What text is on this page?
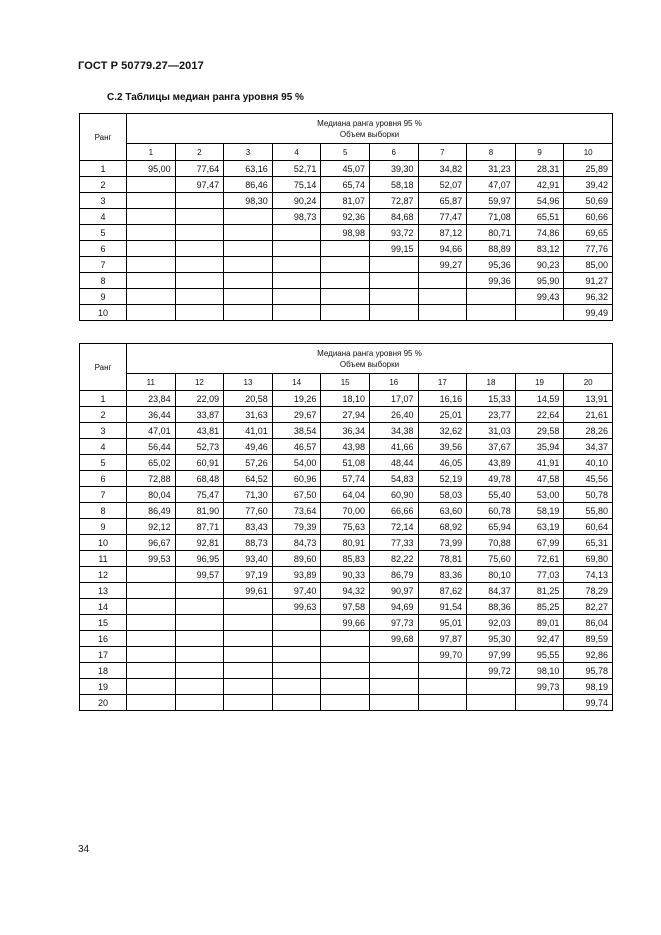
ГОСТ Р 50779.27—2017
С.2 Таблицы медиан ранга уровня 95 %
Ранг	Медиана ранга уровня 95 %
Объем выборки									

	1	2	3	4	5	6	7	8	9	10
1	95,00	77,64	63,16	52,71	45,07	39,30	34,82	31,23	28,31	25,89
2		97,47	86,46	75,14	65,74	58,18	52,07	47,07	42,91	39,42
3			98,30	90,24	81,07	72,87	65,87	59,97	54,96	50,69
4				98,73	92,36	84,68	77,47	71,08	65,51	60,66
5					98,98	93,72	87,12	80,71	74,86	69,65
6						99,15	94,66	88,89	83,12	77,76
7							99,27	95,36	90,23	85,00
8								99,36	95,90	91,27
9									99,43	96,32
10										99,49
Ранг	Медиана ранга уровня 95 %
Объем выборки									

	11	12	13	14	15	16	17	18	19	20
1	23,84	22,09	20,58	19,26	18,10	17,07	16,16	15,33	14,59	13,91
2	36,44	33,87	31,63	29,67	27,94	26,40	25,01	23,77	22,64	21,61
3	47,01	43,81	41,01	38,54	36,34	34,38	32,62	31,03	29,58	28,26
4	56,44	52,73	49,46	46,57	43,98	41,66	39,56	37,67	35,94	34,37
5	65,02	60,91	57,26	54,00	51,08	48,44	46,05	43,89	41,91	40,10
6	72,88	68,48	64,52	60,96	57,74	54,83	52,19	49,78	47,58	45,56
7	80,04	75,47	71,30	67,50	64,04	60,90	58,03	55,40	53,00	50,78
8	86,49	81,90	77,60	73,64	70,00	66,66	63,60	60,78	58,19	55,80
9	92,12	87,71	83,43	79,39	75,63	72,14	68,92	65,94	63,19	60,64
10	96,67	92,81	88,73	84,73	80,91	77,33	73,99	70,88	67,99	65,31
11	99,53	96,95	93,40	89,60	85,83	82,22	78,81	75,60	72,61	69,80
12		99,57	97,19	93,89	90,33	86,79	83,36	80,10	77,03	74,13
13			99,61	97,40	94,32	90,97	87,62	84,37	81,25	78,29
14				99,63	97,58	94,69	91,54	88,36	85,25	82,27
15					99,66	97,73	95,01	92,03	89,01	86,04
16						99,68	97,87	95,30	92,47	89,59
17							99,70	97,99	95,55	92,86
18								99,72	98,10	95,78
19									99,73	98,19
20										99,74
34
